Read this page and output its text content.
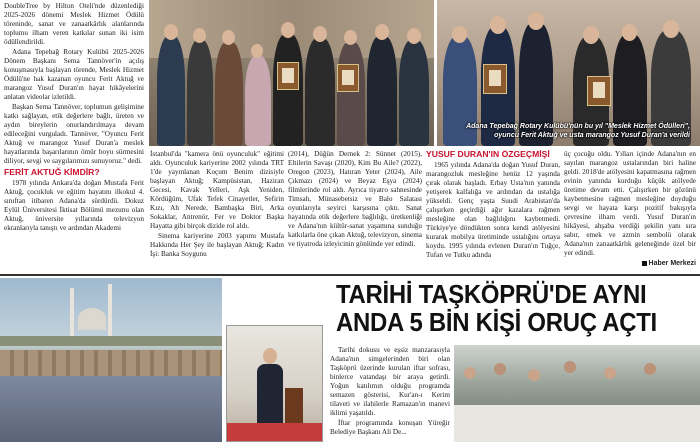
DoubleTree by Hilton Oteli'nde düzenlediği 2025-2026 dönemi Meslek Hizmet Ödülü töreninde, sanat ve zanaatkârlık alanlarında toplumu ilham veren katkılar sunan iki isim ödüllendirildi.

Adana Tepebağ Rotary Kulübü 2025-2026 Dönem Başkanı Sema Tannöver'in açılış konuşmasıyla başlayan törende, Meslek Hizmet Ödülü'ne hak kazanan oyuncu Ferit Aktuğ ve marangoz Yusuf Duran'ın hayat hikâyelerini anlatan videolar izletildi.

Başkan Sema Tannöver, toplumun gelişimine katkı sağlayan, etik değerlere bağlı, üreten ve aydın bireylerin onurlandırılmaya devam edileceğini vurguladı. Tannöver, "Oyuncu Ferit Aktuğ ve marangoz Yusuf Duran'a meslek hayatlarında başarılarının ömür boyu sürmesini diliyor, sevgi ve saygılarımızı sunuyoruz." dedi.

FERİT AKTUĞ KİMDİR?

1978 yılında Ankara'da doğan Mustafa Ferit Aktuğ, çocukluk ve eğitim hayatını ilkokul 4. sınıftan itibaren Adana'da sürdürdü. Dokuz Eylül Üniversitesi İktisat Bölümü mezunu olan Aktuğ, üniversite yıllarında televizyon ekranlarıyla tanıştı ve ardından Akademi

Adana Tepebağ Rotary Kulübü'nün bu yıl "Meslek Hizmet Ödülleri",
oyuncu Ferit Aktuğ ve usta marangoz Yusuf Duran'a verildi

İstanbul'da "kamera önü oyunculuk" eğitimi aldı. Oyunculuk kariyerine 2002 yılında TRT 1'de yayınlanan Koçum Benim dizisiyle başlayan Aktuğ; Kampüsistan, Haziran Gecesi, Kavak Yelleri, Aşk Yeniden, Kördüğüm, Ufak Tefek Cinayetler, Sefirin Kızı, Ah Nerede, Bambaşka Biri, Arka Sokaklar, Antrenör, Fer ve Doktor Başka Hayatta gibi birçok dizide rol aldı.

Sinema kariyerine 2003 yapımı Mustafa Hakkında Her Şey ile başlayan Aktuğ; Kadın İşi: Banka Soygunu

(2014), Düğün Dernek 2: Sünnet (2015), Eltilerin Savaşı (2020), Kim Bu Aile? (2022), Oregon (2023), Hatıran Yeter (2024), Aile Çıkmazı (2024) ve Beyaz Eşya (2024) filmlerinde rol aldı. Ayrıca tiyatro sahnesinde Timsah, Münasebetsiz ve Balo Salatası oyunlarıyla seyirci karşısına çıktı. Sanat hayatında etik değerlere bağlılığı, üretkenliği ve Adana'nın kültür-sanat yaşamına sunduğu katkılarla öne çıkan Aktuğ, televizyon, sinema ve tiyatroda izleyicinin gönlünde yer edindi.

YUSUF DURAN'IN ÖZGEÇMİŞİ

1965 yılında Adana'da doğan Yusuf Duran, marangozluk mesleğine henüz 12 yaşında çırak olarak başladı. Erbay Usta'nın yanında yetişerek kalfalığa ve ardından da ustalığa yükseldi. Genç yaşta Suudi Arabistan'da çalışırken geçirdiği ağır kazalara rağmen mesleğine olan bağlılığını kaybetmedi. Türkiye'ye döndükten sonra kendi atölyesini kurarak mobilya üretiminde ustalığını ortaya koydu. 1995 yılında evlenen Duran'ın Tuğçe, Tufan ve Tutku adında

üç çocuğu oldu. Yılları içinde Adana'nın en sayılan marangoz ustalarından biri haline geldi. 2018'de atölyesini kapatmasına rağmen evinin yanında kurduğu küçük atölyede üretime devam etti. Çalışırken bir gözünü kaybetmesine rağmen mesleğine duyduğu sevgi ve hayata karşı pozitif bakışıyla çevresine ilham verdi. Yusuf Duran'ın hikâyesi, ahşaba verdiği şekilin yanı sıra sabır, emek ve azmin sembolü olarak Adana'nın zanaatkârlık geleneğinde özel bir yer edindi.

Haber Merkezi

TARİHİ TAŞKÖPRÜ'DE AYNI
ANDA 5 BİN KİŞİ ORUÇ AÇTI

Tarihi dokusu ve eşsiz manzarasıyla Adana'nın simgelerinden biri olan Taşköprü üzerinde kurulan iftar sofrası, binlerce vatandaşı bir araya getirdi. Yoğun katılımın olduğu programda semazen gösterisi, Kur'an-ı Kerim tilaveti ve ilahilerle Ramazan'ın manevi iklimi yaşatıldı.

İftar programında konuşan Yüreğir Belediye Başkanı Ali De...
